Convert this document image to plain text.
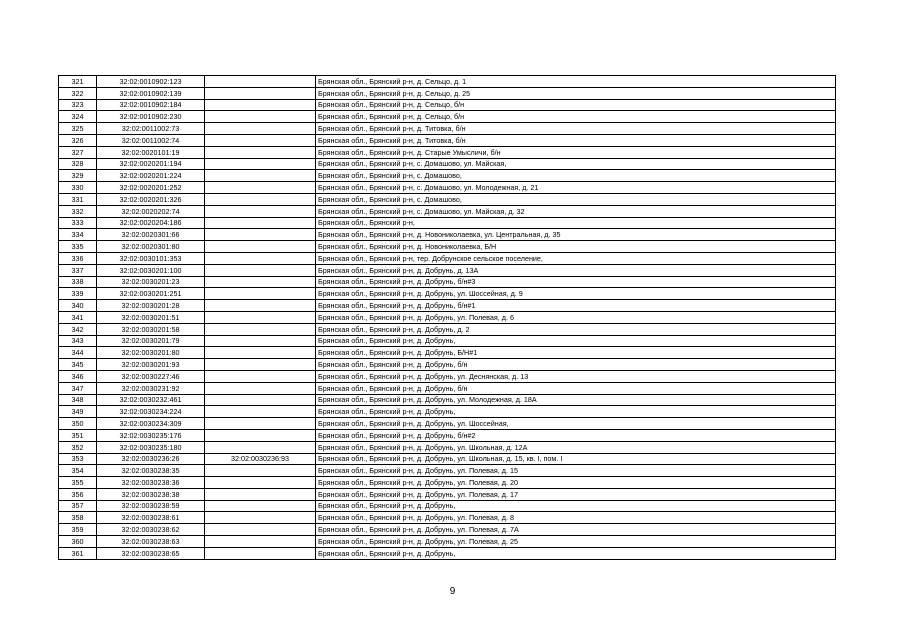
321	32:02:0010902:123		Брянская обл., Брянский р-н, д. Сельцо, д. 1
322	32:02:0010902:139		Брянская обл., Брянский р-н, д. Сельцо, д. 25
323	32:02:0010902:184		Брянская обл., Брянский р-н, д. Сельцо, б/н
324	32:02:0010902:230		Брянская обл., Брянский р-н, д. Сельцо, б/н
325	32:02:0011002:73		Брянская обл., Брянский р-н, д. Титовка, б/н
326	32:02:0011002:74		Брянская обл., Брянский р-н, д. Титовка, б/н
327	32:02:0020101:19		Брянская обл., Брянский р-н, д. Старые Умысличи, б/н
328	32:02:0020201:194		Брянская обл., Брянский р-н, с. Домашово, ул. Майская,
329	32:02:0020201:224		Брянская обл., Брянский р-н, с. Домашово,
330	32:02:0020201:252		Брянская обл., Брянский р-н, с. Домашово, ул. Молодежная, д. 21
331	32:02:0020201:326		Брянская обл., Брянский р-н, с. Домашово,
332	32:02:0020202:74		Брянская обл., Брянский р-н, с. Домашово, ул. Майская, д. 32
333	32:02:0020204:186		Брянская обл., Брянский р-н,
334	32:02:0020301:66		Брянская обл., Брянский р-н, д. Новониколаевка, ул. Центральная, д. 35
335	32:02:0020301:80		Брянская обл., Брянский р-н, д. Новониколаевка, Б/Н
336	32:02:0030101:353		Брянская обл., Брянский р-н, тер. Добрунское сельское поселение,
337	32:02:0030201:100		Брянская обл., Брянский р-н, д. Добрунь, д. 13А
338	32:02:0030201:23		Брянская обл., Брянский р-н, д. Добрунь, б/н#3
339	32:02:0030201:251		Брянская обл., Брянский р-н, д. Добрунь, ул. Шоссейная, д. 9
340	32:02:0030201:28		Брянская обл., Брянский р-н, д. Добрунь, б/н#1
341	32:02:0030201:51		Брянская обл., Брянский р-н, д. Добрунь, ул. Полевая, д. 6
342	32:02:0030201:58		Брянская обл., Брянский р-н, д. Добрунь, д. 2
343	32:02:0030201:79		Брянская обл., Брянский р-н, д. Добрунь,
344	32:02:0030201:80		Брянская обл., Брянский р-н, д. Добрунь, Б/Н#1
345	32:02:0030201:93		Брянская обл., Брянский р-н, д. Добрунь, б/н
346	32:02:0030227:46		Брянская обл., Брянский р-н, д. Добрунь, ул. Деснянская, д. 13
347	32:02:0030231:92		Брянская обл., Брянский р-н, д. Добрунь, б/н
348	32:02:0030232:461		Брянская обл., Брянский р-н, д. Добрунь, ул. Молодежная, д. 18А
349	32:02:0030234:224		Брянская обл., Брянский р-н, д. Добрунь,
350	32:02:0030234:309		Брянская обл., Брянский р-н, д. Добрунь, ул. Шоссейная,
351	32:02:0030235:176		Брянская обл., Брянский р-н, д. Добрунь, б/н#2
352	32:02:0030235:180		Брянская обл., Брянский р-н, д. Добрунь, ул. Школьная, д. 12А
353	32:02:0030236:26	32:02:0030236:93	Брянская обл., Брянский р-н, д. Добрунь, ул. Школьная, д. 15, кв. I, пом. I
354	32:02:0030238:35		Брянская обл., Брянский р-н, д. Добрунь, ул. Полевая, д. 15
355	32:02:0030238:36		Брянская обл., Брянский р-н, д. Добрунь, ул. Полевая, д. 20
356	32:02:0030238:38		Брянская обл., Брянский р-н, д. Добрунь, ул. Полевая, д. 17
357	32:02:0030238:59		Брянская обл., Брянский р-н, д. Добрунь,
358	32:02:0030238:61		Брянская обл., Брянский р-н, д. Добрунь, ул. Полевая, д. 8
359	32:02:0030238:62		Брянская обл., Брянский р-н, д. Добрунь, ул. Полевая, д. 7А
360	32:02:0030238:63		Брянская обл., Брянский р-н, д. Добрунь, ул. Полевая, д. 25
361	32:02:0030238:65		Брянская обл., Брянский р-н, д. Добрунь,
9
